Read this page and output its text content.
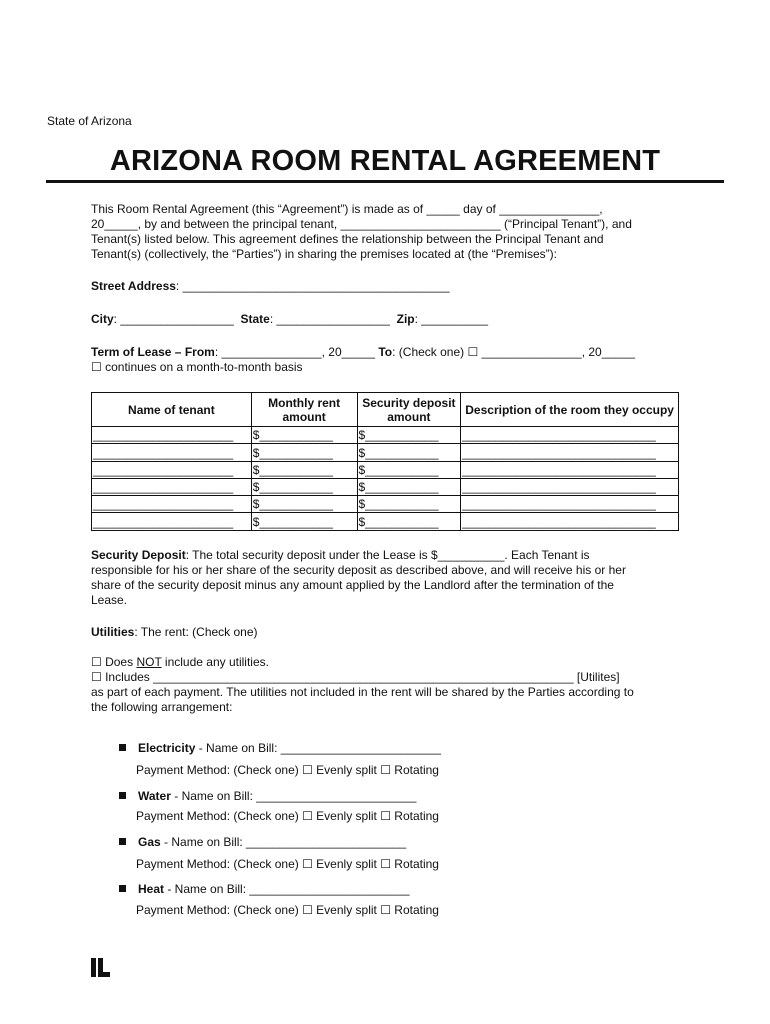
State of Arizona
ARIZONA ROOM RENTAL AGREEMENT
This Room Rental Agreement (this “Agreement”) is made as of _____ day of _______________,
20_____, by and between the principal tenant, ________________________ (“Principal Tenant”), and
Tenant(s) listed below. This agreement defines the relationship between the Principal Tenant and
Tenant(s) (collectively, the “Parties”) in sharing the premises located at (the “Premises”):
Street Address: ________________________________________
City: _________________ State: _________________ Zip: __________
Term of Lease – From: _______________, 20_____ To: (Check one) ☐ _______________, 20_____
☐ continues on a month-to-month basis
Name of tenant	Monthly rent amount	Security deposit amount	Description of the room they occupy
_____________________	$___________	$___________	_____________________________
_____________________	$___________	$___________	_____________________________
_____________________	$___________	$___________	_____________________________
_____________________	$___________	$___________	_____________________________
_____________________	$___________	$___________	_____________________________
_____________________	$___________	$___________	_____________________________
Security Deposit: The total security deposit under the Lease is $__________. Each Tenant is
responsible for his or her share of the security deposit as described above, and will receive his or her
share of the security deposit minus any amount applied by the Landlord after the termination of the
Lease.
Utilities: The rent: (Check one)
☐ Does NOT include any utilities.
☐ Includes _______________________________________________________________ [Utilites]
as part of each payment. The utilities not included in the rent will be shared by the Parties according to
the following arrangement:
Electricity - Name on Bill: ________________________
Payment Method: (Check one) ☐ Evenly split ☐ Rotating
Water - Name on Bill: ________________________
Payment Method: (Check one) ☐ Evenly split ☐ Rotating
Gas - Name on Bill: ________________________
Payment Method: (Check one) ☐ Evenly split ☐ Rotating
Heat - Name on Bill: ________________________
Payment Method: (Check one) ☐ Evenly split ☐ Rotating
